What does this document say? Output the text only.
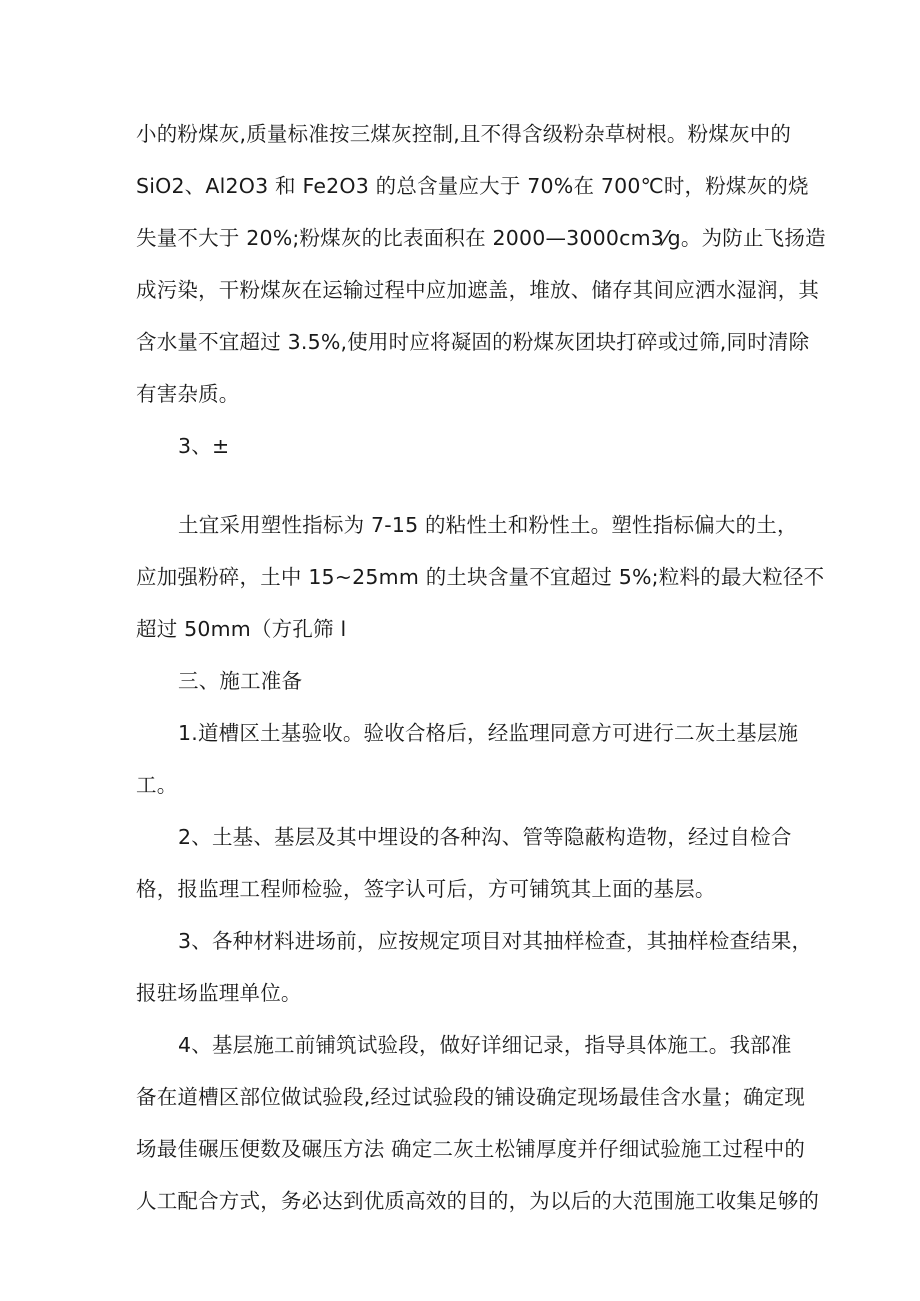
小的粉煤灰,质量标准按三煤灰控制,且不得含级粉杂草树根。粉煤灰中的
SiO2、Al2O3 和 Fe2O3 的总含量应大于 70%在 700℃时，粉煤灰的烧
失量不大于 20%;粉煤灰的比表面积在 2000—3000cm3⁄g。为防止飞扬造
成污染，干粉煤灰在运输过程中应加遮盖，堆放、储存其间应洒水湿润，其
含水量不宜超过 3.5%,使用时应将凝固的粉煤灰团块打碎或过筛,同时清除
有害杂质。
3、±
土宜采用塑性指标为 7-15 的粘性土和粉性土。塑性指标偏大的土，
应加强粉碎，土中 15~25mm 的土块含量不宜超过 5%;粒料的最大粒径不
超过 50mm（方孔筛 l
三、施工准备
1.道槽区土基验收。验收合格后，经监理同意方可进行二灰土基层施
工。
2、土基、基层及其中埋设的各种沟、管等隐蔽构造物，经过自检合
格，报监理工程师检验，签字认可后，方可铺筑其上面的基层。
3、各种材料进场前，应按规定项目对其抽样检查，其抽样检查结果，
报驻场监理单位。
4、基层施工前铺筑试验段，做好详细记录，指导具体施工。我部准
备在道槽区部位做试验段,经过试验段的铺设确定现场最佳含水量；确定现
场最佳碾压便数及碾压方法 确定二灰土松铺厚度并仔细试验施工过程中的
人工配合方式，务必达到优质高效的目的，为以后的大范围施工收集足够的
